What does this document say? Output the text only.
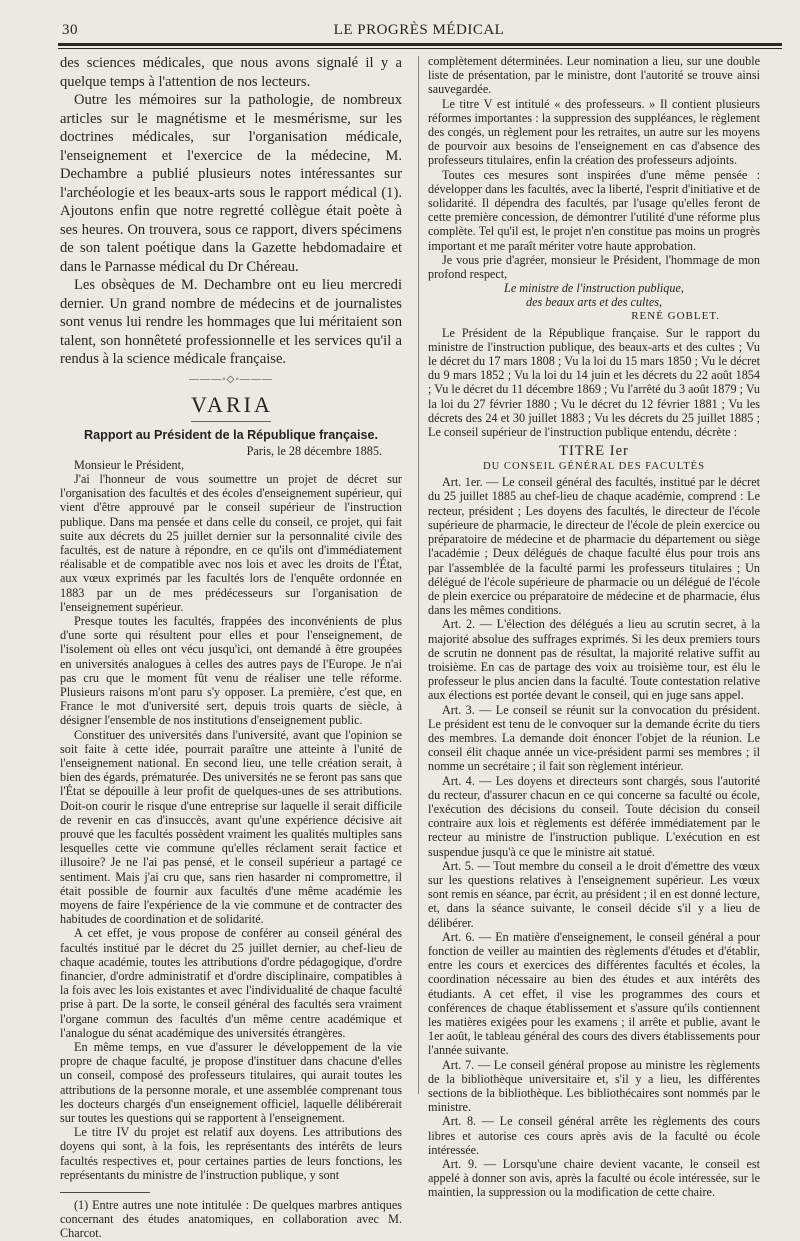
30	LE PROGRÈS MÉDICAL

des sciences médicales, que nous avons signalé il y a quelque temps à l'attention de nos lecteurs.

Outre les mémoires sur la pathologie, de nombreux articles sur le magnétisme et le mesmérisme, sur les doctrines médicales, sur l'organisation médicale, l'enseignement et l'exercice de la médecine, M. Dechambre a publié plusieurs notes intéressantes sur l'archéologie et les beaux-arts sous le rapport médical (1). Ajoutons enfin que notre regretté collègue était poète à ses heures. On trouvera, sous ce rapport, divers spécimens de son talent poétique dans la Gazette hebdomadaire et dans le Parnasse médical du Dr Chéreau.

Les obsèques de M. Dechambre ont eu lieu mercredi dernier. Un grand nombre de médecins et de journalistes sont venus lui rendre les hommages que lui méritaient son talent, son honnêteté professionnelle et les services qu'il a rendus à la science médicale française.

———◦◇◦———
VARIA
Rapport au Président de la République française.

Paris, le 28 décembre 1885.

Monsieur le Président,

J'ai l'honneur de vous soumettre un projet de décret sur l'organisation des facultés et des écoles d'enseignement supérieur, qui vient d'être approuvé par le conseil supérieur de l'instruction publique. Dans ma pensée et dans celle du conseil, ce projet, qui fait suite aux décrets du 25 juillet dernier sur la personnalité civile des facultés, est de nature à répondre, en ce qu'ils ont d'immédiatement réalisable et de compatible avec nos lois et avec les droits de l'État, aux vœux exprimés par les facultés lors de l'enquête ordonnée en 1883 par un de mes prédécesseurs sur l'organisation de l'enseignement supérieur.

Presque toutes les facultés, frappées des inconvénients de plus d'une sorte qui résultent pour elles et pour l'enseignement, de l'isolement où elles ont vécu jusqu'ici, ont demandé à être groupées en universités analogues à celles des autres pays de l'Europe. Je n'ai pas cru que le moment fût venu de réaliser une telle réforme. Plusieurs raisons m'ont paru s'y opposer. La première, c'est que, en France le mot d'université sert, depuis trois quarts de siècle, à désigner l'ensemble de nos institutions d'enseignement public.

Constituer des universités dans l'université, avant que l'opinion se soit faite à cette idée, pourrait paraître une atteinte à l'unité de l'enseignement national. En second lieu, une telle création serait, à bien des égards, prématurée. Des universités ne se feront pas sans que l'État se dépouille à leur profit de quelques-unes de ses attributions. Doit-on courir le risque d'une entreprise sur laquelle il serait difficile de revenir en cas d'insuccès, avant qu'une expérience décisive ait prouvé que les facultés possèdent vraiment les qualités multiples sans lesquelles cette vie commune qu'elles réclament serait factice et illusoire? Je ne l'ai pas pensé, et le conseil supérieur a partagé ce sentiment. Mais j'ai cru que, sans rien hasarder ni compromettre, il était possible de fournir aux facultés d'une même académie les moyens de faire l'expérience de la vie commune et de contracter des habitudes de coordination et de solidarité.

A cet effet, je vous propose de conférer au conseil général des facultés institué par le décret du 25 juillet dernier, au chef-lieu de chaque académie, toutes les attributions d'ordre pédagogique, d'ordre financier, d'ordre administratif et d'ordre disciplinaire, compatibles à la fois avec les lois existantes et avec l'individualité de chaque faculté prise à part. De la sorte, le conseil général des facultés sera vraiment l'organe commun des facultés d'un même centre académique et l'analogue du sénat académique des universités étrangères.

En même temps, en vue d'assurer le développement de la vie propre de chaque faculté, je propose d'instituer dans chacune d'elles un conseil, composé des professeurs titulaires, qui aurait toutes les attributions de la personne morale, et une assemblée comprenant tous les docteurs chargés d'un enseignement officiel, laquelle délibérerait sur toutes les questions qui se rapportent à l'enseignement.

Le titre IV du projet est relatif aux doyens. Les attributions des doyens qui sont, à la fois, les représentants des intérêts de leurs facultés respectives et, pour certaines parties de leurs fonctions, les représentants du ministre de l'instruction publique, y sont

(1) Entre autres une note intitulée : De quelques marbres antiques concernant des études anatomiques, en collaboration avec M. Charcot.

complètement déterminées. Leur nomination a lieu, sur une double liste de présentation, par le ministre, dont l'autorité se trouve ainsi sauvegardée.

Le titre V est intitulé « des professeurs. » Il contient plusieurs réformes importantes : la suppression des suppléances, le règlement des congés, un règlement pour les retraites, un autre sur les moyens de pourvoir aux besoins de l'enseignement en cas d'absence des professeurs titulaires, enfin la création des professeurs adjoints.

Toutes ces mesures sont inspirées d'une même pensée : développer dans les facultés, avec la liberté, l'esprit d'initiative et de solidarité. Il dépendra des facultés, par l'usage qu'elles feront de cette première concession, de démontrer l'utilité d'une réforme plus complète. Tel qu'il est, le projet n'en constitue pas moins un progrès important et me paraît mériter votre haute approbation.

Je vous prie d'agréer, monsieur le Président, l'hommage de mon profond respect,

Le ministre de l'instruction publique,

des beaux arts et des cultes,

RENÉ GOBLET.

Le Président de la République française. Sur le rapport du ministre de l'instruction publique, des beaux-arts et des cultes ; Vu le décret du 17 mars 1808 ; Vu la loi du 15 mars 1850 ; Vu le décret du 9 mars 1852 ; Vu la loi du 14 juin et les décrets du 22 août 1854 ; Vu le décret du 11 décembre 1869 ; Vu l'arrêté du 3 août 1879 ; Vu la loi du 27 février 1880 ; Vu le décret du 12 février 1881 ; Vu les décrets des 24 et 30 juillet 1883 ; Vu les décrets du 25 juillet 1885 ; Le conseil supérieur de l'instruction publique entendu, décrète :

TITRE Ier
DU CONSEIL GÉNÉRAL DES FACULTÉS

Art. 1er. — Le conseil général des facultés, institué par le décret du 25 juillet 1885 au chef-lieu de chaque académie, comprend : Le recteur, président ; Les doyens des facultés, le directeur de l'école supérieure de pharmacie, le directeur de l'école de plein exercice ou préparatoire de médecine et de pharmacie du département ou siège l'académie ; Deux délégués de chaque faculté élus pour trois ans par l'assemblée de la faculté parmi les professeurs titulaires ; Un délégué de l'école supérieure de pharmacie ou un délégué de l'école de plein exercice ou préparatoire de médecine et de pharmacie, élus dans les mêmes conditions.

Art. 2. — L'élection des délégués a lieu au scrutin secret, à la majorité absolue des suffrages exprimés. Si les deux premiers tours de scrutin ne donnent pas de résultat, la majorité relative suffit au troisième. En cas de partage des voix au troisième tour, est élu le professeur le plus ancien dans la faculté. Toute contestation relative aux élections est portée devant le conseil, qui en juge sans appel.

Art. 3. — Le conseil se réunit sur la convocation du président. Le président est tenu de le convoquer sur la demande écrite du tiers des membres. La demande doit énoncer l'objet de la réunion. Le conseil élit chaque année un vice-président parmi ses membres ; il nomme un secrétaire ; il fait son règlement intérieur.

Art. 4. — Les doyens et directeurs sont chargés, sous l'autorité du recteur, d'assurer chacun en ce qui concerne sa faculté ou école, l'exécution des décisions du conseil. Toute décision du conseil contraire aux lois et règlements est déférée immédiatement par le recteur au ministre de l'instruction publique. L'exécution en est suspendue jusqu'à ce que le ministre ait statué.

Art. 5. — Tout membre du conseil a le droit d'émettre des vœux sur les questions relatives à l'enseignement supérieur. Les vœux sont remis en séance, par écrit, au président ; il en est donné lecture, et, dans la séance suivante, le conseil décide s'il y a lieu de délibérer.

Art. 6. — En matière d'enseignement, le conseil général a pour fonction de veiller au maintien des règlements d'études et d'établir, entre les cours et exercices des différentes facultés et écoles, la coordination nécessaire au bien des études et aux intérêts des étudiants. A cet effet, il vise les programmes des cours et conférences de chaque établissement et s'assure qu'ils contiennent les matières exigées pour les examens ; il arrête et publie, avant le 1er août, le tableau général des cours des divers établissements pour l'année suivante.

Art. 7. — Le conseil général propose au ministre les règlements de la bibliothèque universitaire et, s'il y a lieu, les différentes sections de la bibliothèque. Les bibliothécaires sont nommés par le ministre.

Art. 8. — Le conseil général arrête les règlements des cours libres et autorise ces cours après avis de la faculté ou école intéressée.

Art. 9. — Lorsqu'une chaire devient vacante, le conseil est appelé à donner son avis, après la faculté ou école intéressée, sur le maintien, la suppression ou la modification de cette chaire.
